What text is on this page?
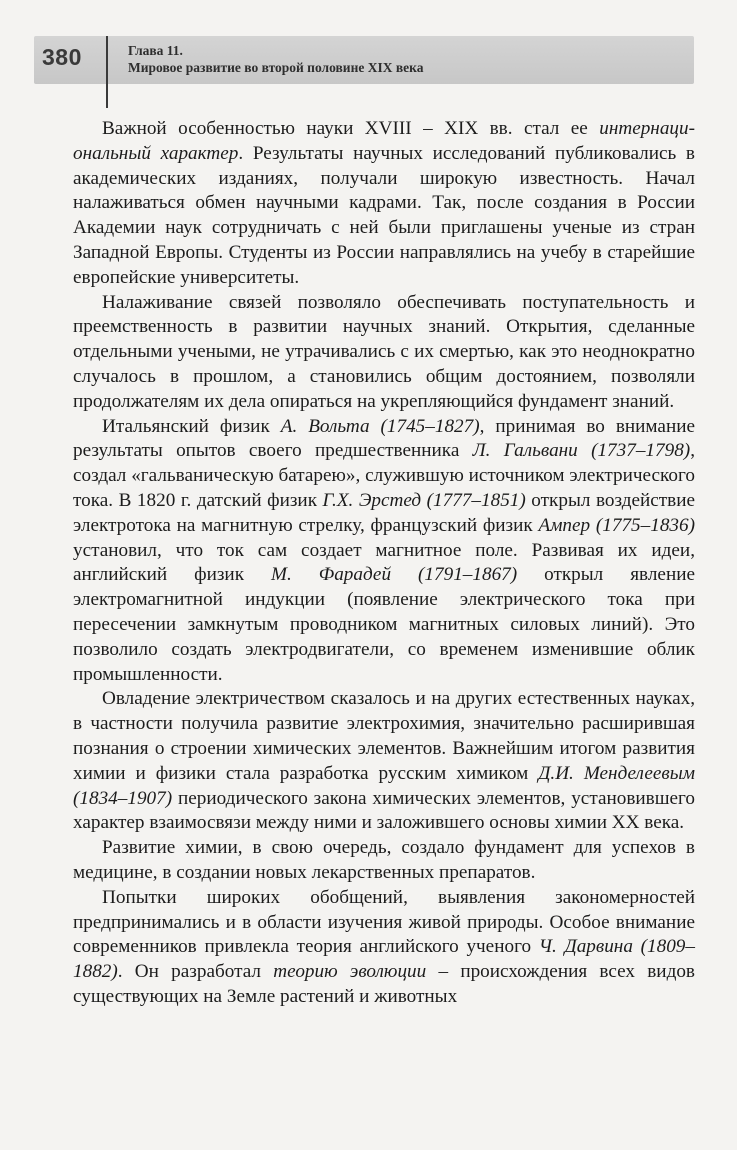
380	Глава 11.
Мировое развитие во второй половине XIX века

Важной особенностью науки XVIII – XIX вв. стал ее интернациональный характер. Результаты научных исследований публиковались в академических изданиях, получали широкую известность. Начал налаживаться обмен научными кадрами. Так, после создания в России Академии наук сотрудничать с ней были приглашены ученые из стран Западной Европы. Студенты из России направлялись на учебу в старейшие европейские университеты.

Налаживание связей позволяло обеспечивать поступательность и преемственность в развитии научных знаний. Открытия, сделанные отдельными учеными, не утрачивались с их смертью, как это неоднократно случалось в прошлом, а становились общим достоянием, позволяли продолжателям их дела опираться на укрепляющийся фундамент знаний.

Итальянский физик А. Вольта (1745–1827), принимая во внимание результаты опытов своего предшественника Л. Гальвани (1737–1798), создал «гальваническую батарею», служившую источником электрического тока. В 1820 г. датский физик Г.Х. Эрстед (1777–1851) открыл воздействие электротока на магнитную стрелку, французский физик Ампер (1775–1836) установил, что ток сам создает магнитное поле. Развивая их идеи, английский физик М. Фарадей (1791–1867) открыл явление электромагнитной индукции (появление электрического тока при пересечении замкнутым проводником магнитных силовых линий). Это позволило создать электродвигатели, со временем изменившие облик промышленности.

Овладение электричеством сказалось и на других естественных науках, в частности получила развитие электрохимия, значительно расширившая познания о строении химических элементов. Важнейшим итогом развития химии и физики стала разработка русским химиком Д.И. Менделеевым (1834–1907) периодического закона химических элементов, установившего характер взаимосвязи между ними и заложившего основы химии XX века.

Развитие химии, в свою очередь, создало фундамент для успехов в медицине, в создании новых лекарственных препаратов.

Попытки широких обобщений, выявления закономерностей предпринимались и в области изучения живой природы. Особое внимание современников привлекла теория английского ученого Ч. Дарвина (1809–1882). Он разработал теорию эволюции – происхождения всех видов существующих на Земле растений и животных
